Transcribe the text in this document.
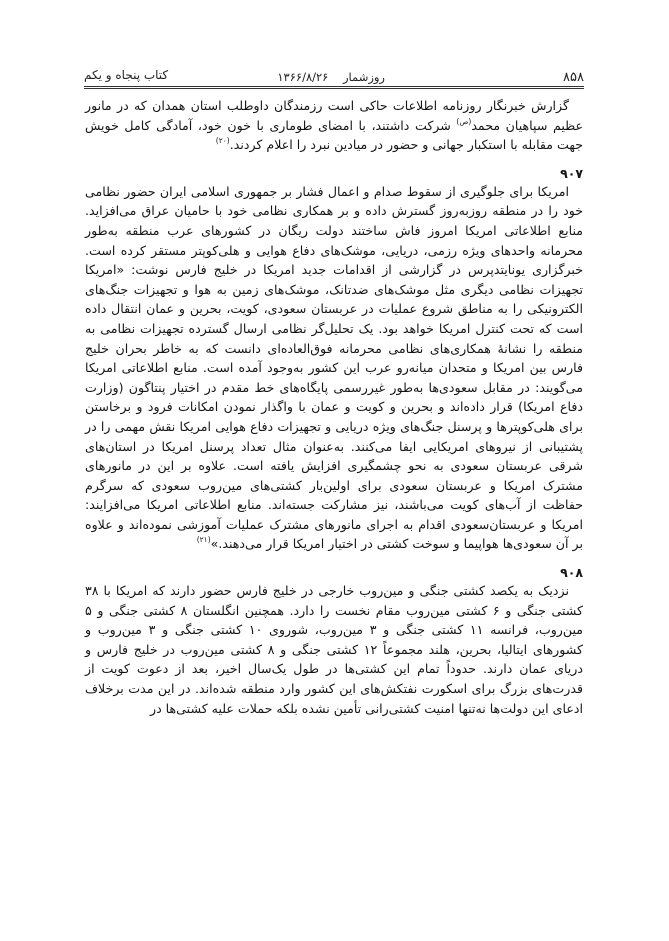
۸۵۸
روزشمار    ۱۳۶۶/۸/۲۶
کتاب پنجاه و یکم

گزارش خبرنگار روزنامه اطلاعات حاکی است رزمندگان داوطلب استان همدان که در مانور عظیم سپاهیان محمد$^{(ص)}$ شرکت داشتند، با امضای طوماری با خون خود، آمادگی کامل خویش جهت مقابله با استکبار جهانی و حضور در میادین نبرد را اعلام کردند.$^{(۲۰)}$

۹۰۷

امریکا برای جلوگیری از سقوط صدام و اعمال فشار بر جمهوری اسلامی ایران حضور نظامی خود را در منطقه روزبه‌روز گسترش داده و بر همکاری نظامی خود با حامیان عراق می‌افزاید. منابع اطلاعاتی امریکا امروز فاش ساختند دولت ریگان در کشورهای عرب منطقه به‌طور محرمانه واحدهای ویژه رزمی، دریایی، موشک‌های دفاع هوایی و هلی‌کوپتر مستقر کرده است. خبرگزاری یونایتدپرس در گزارشی از اقدامات جدید امریکا در خلیج فارس نوشت: «امریکا تجهیزات نظامی دیگری مثل موشک‌های ضدتانک، موشک‌های زمین به هوا و تجهیزات جنگ‌های الکترونیکی را به مناطق شروع عملیات در عربستان سعودی، کویت، بحرین و عمان انتقال داده است که تحت کنترل امریکا خواهد بود. یک تحلیل‌گر نظامی ارسال گسترده تجهیزات نظامی به منطقه را نشانهٔ همکاری‌های نظامی محرمانه فوق‌العاده‌ای دانست که به خاطر بحران خلیج فارس بین امریکا و متحدان میانه‌رو عرب این کشور به‌وجود آمده است. منابع اطلاعاتی امریکا می‌گویند: در مقابل سعودی‌ها به‌طور غیررسمی پایگاه‌های خط مقدم در اختیار پنتاگون (وزارت دفاع امریکا) قرار داده‌اند و بحرین و کویت و عمان با واگذار نمودن امکانات فرود و برخاستن برای هلی‌کوپترها و پرسنل جنگ‌های ویژه دریایی و تجهیزات دفاع هوایی امریکا نقش مهمی را در پشتیبانی از نیروهای امریکایی ایفا می‌کنند. به‌عنوان مثال تعداد پرسنل امریکا در استان‌های شرقی عربستان سعودی به نحو چشمگیری افزایش یافته است. علاوه بر این در مانورهای مشترک امریکا و عربستان سعودی برای اولین‌بار کشتی‌های مین‌روب سعودی که سرگرم حفاظت از آب‌های کویت می‌باشند، نیز مشارکت جسته‌اند. منابع اطلاعاتی امریکا می‌افزایند: امریکا و عربستان‌سعودی اقدام به اجرای مانورهای مشترک عملیات آموزشی نموده‌اند و علاوه بر آن سعودی‌ها هواپیما و سوخت کشتی در اختیار امریکا قرار می‌دهند.»$^{(۲۱)}$

۹۰۸

نزدیک به یکصد کشتی جنگی و مین‌روب خارجی در خلیج فارس حضور دارند که امریکا با ۳۸ کشتی جنگی و ۶ کشتی مین‌روب مقام نخست را دارد. همچنین انگلستان ۸ کشتی جنگی و ۵ مین‌روب، فرانسه ۱۱ کشتی جنگی و ۳ مین‌روب، شوروی ۱۰ کشتی جنگی و ۳ مین‌روب و کشورهای ایتالیا، بحرین، هلند مجموعاً ۱۲ کشتی جنگی و ۸ کشتی مین‌روب در خلیج فارس و دریای عمان دارند. حدوداً تمام این کشتی‌ها در طول یک‌سال اخیر، بعد از دعوت کویت از قدرت‌های بزرگ برای اسکورت نفتکش‌های این کشور وارد منطقه شده‌اند. در این مدت برخلاف ادعای این دولت‌ها نه‌تنها امنیت کشتی‌رانی تأمین نشده بلکه حملات علیه کشتی‌ها در
